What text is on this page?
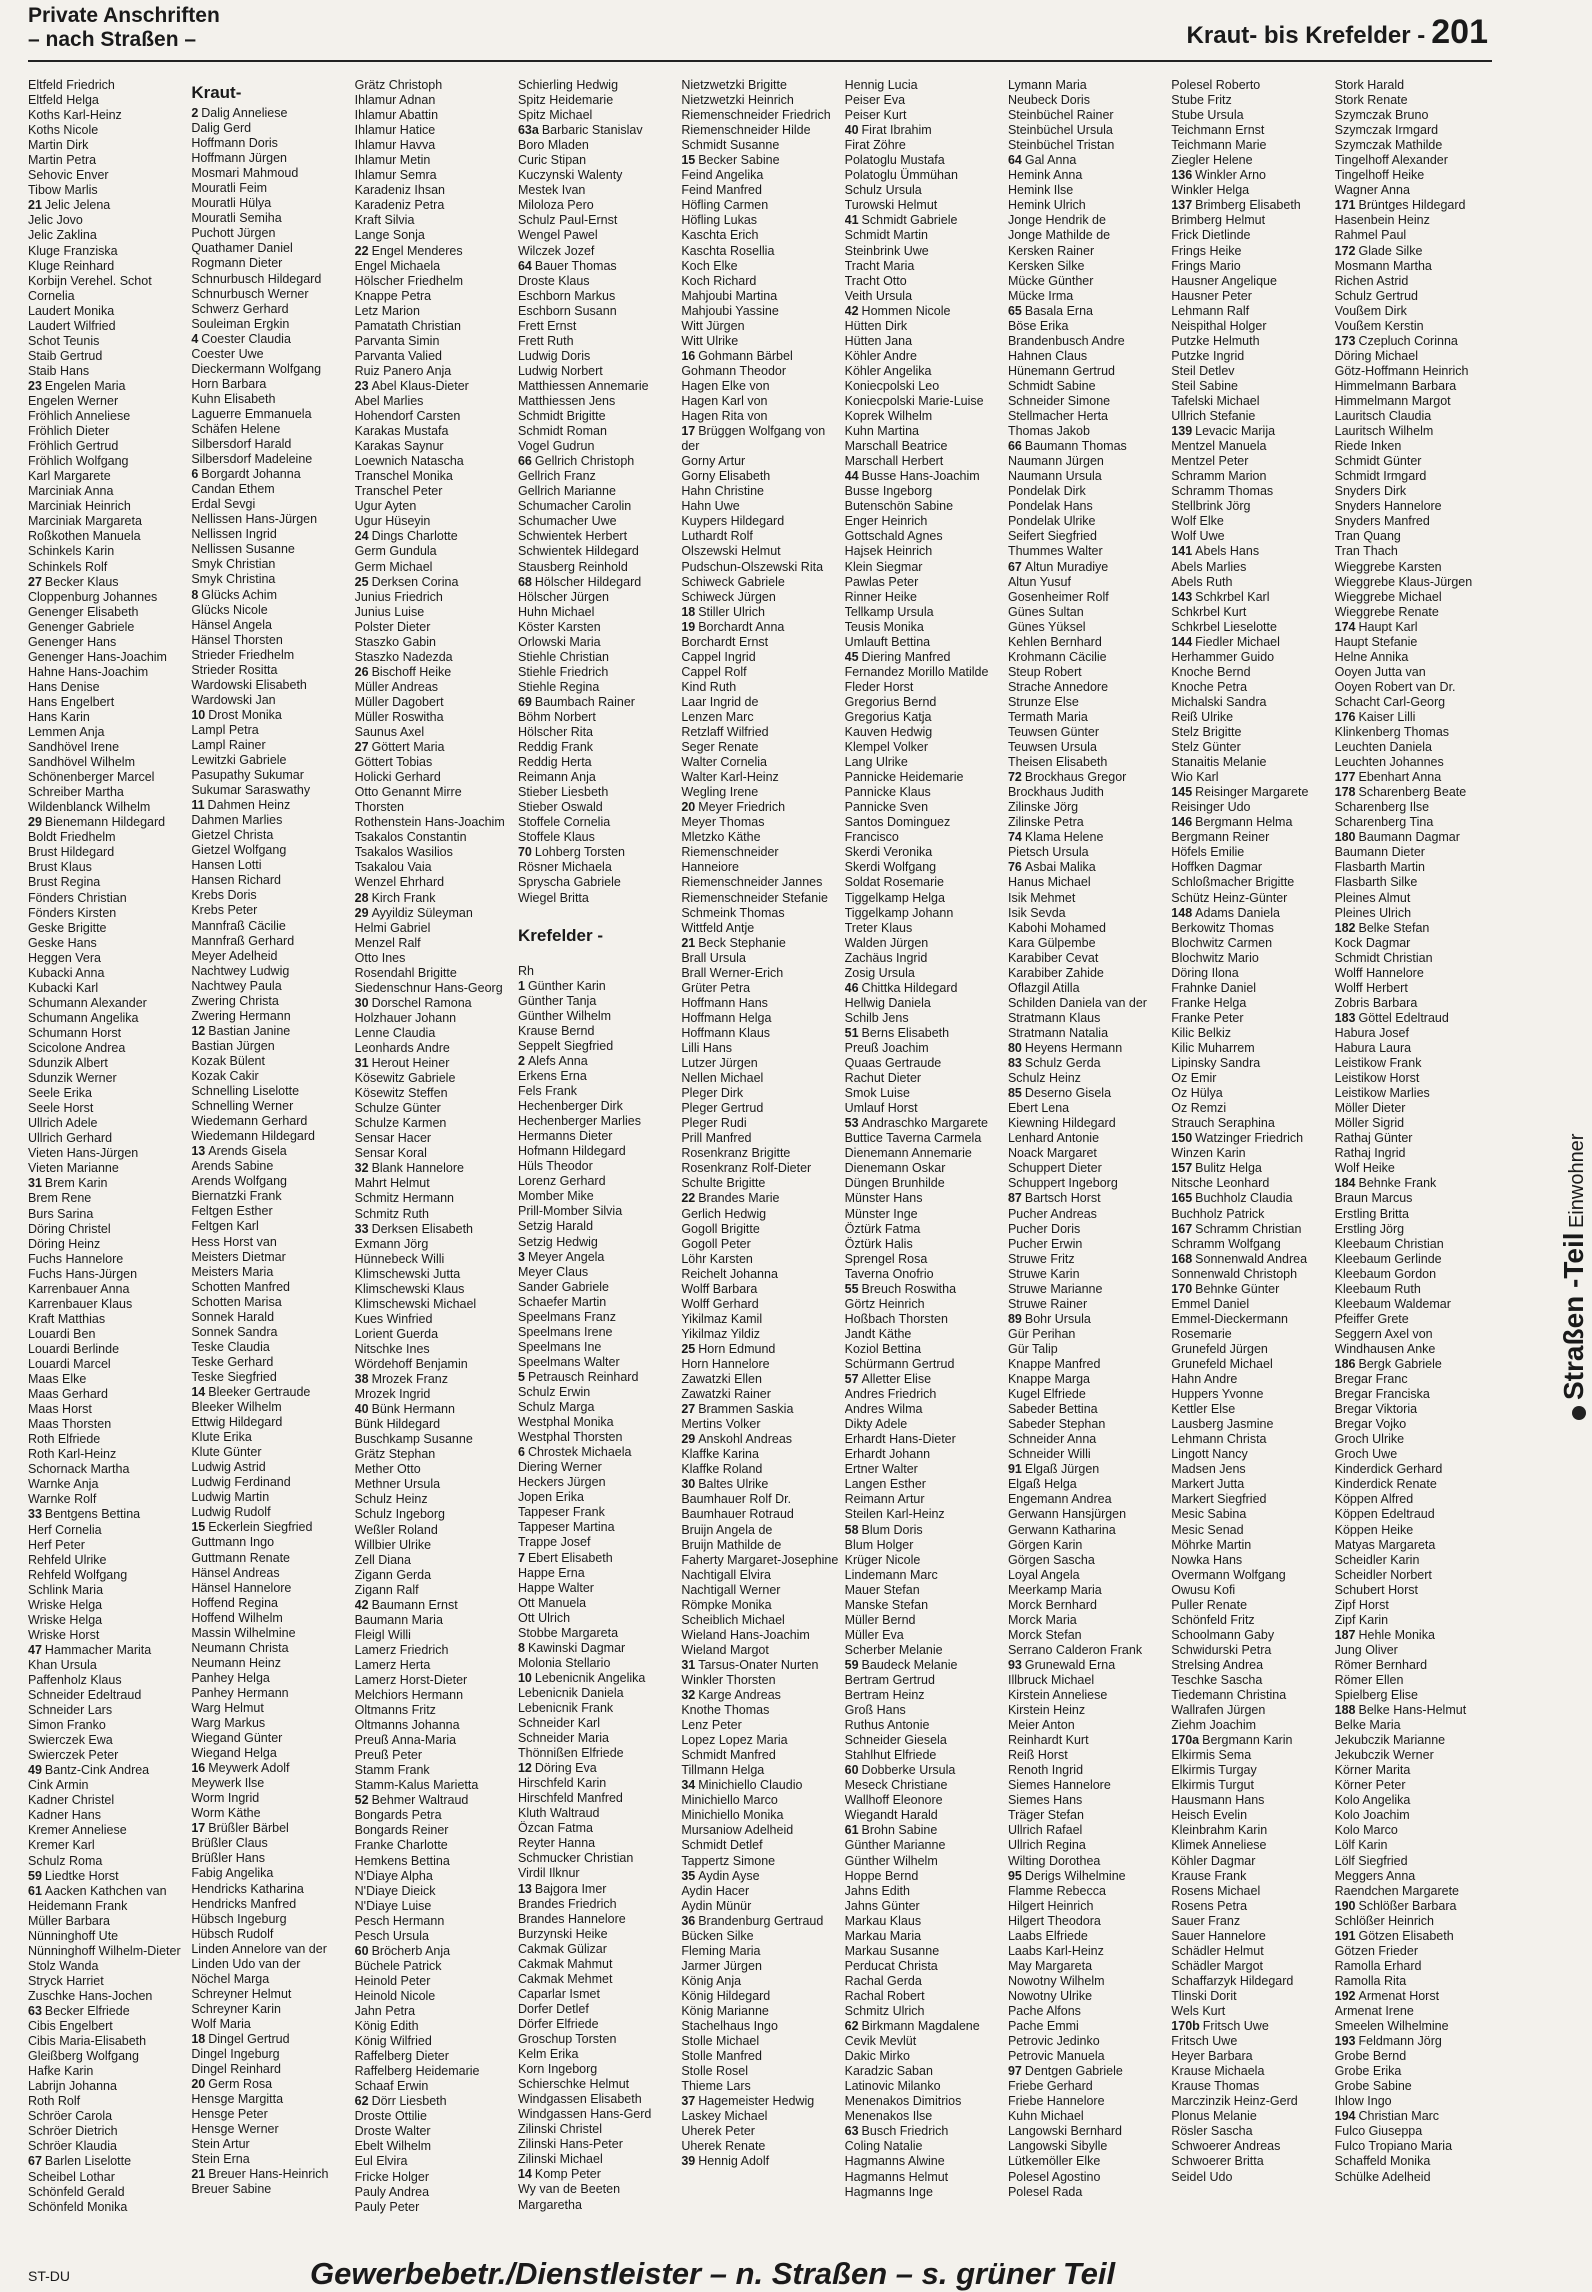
Private Anschriften
– nach Straßen –	Kraut- bis Krefelder - 201
Eltfeld Friedrich
Eltfeld Helga
Koths Karl-Heinz
Koths Nicole
Martin Dirk
Martin Petra
Sehovic Enver
Tibow Marlis
21 Jelic Jelena
Jelic Jovo
Jelic Zaklina
Kluge Franziska
Kluge Reinhard
Korbijn Verehel. Schot
Cornelia
Laudert Monika
Laudert Wilfried
Schot Teunis
Staib Gertrud
Staib Hans
23 Engelen Maria
Engelen Werner
Fröhlich Anneliese
Fröhlich Dieter
Fröhlich Gertrud
Fröhlich Wolfgang
Karl Margarete
Marciniak Anna
Marciniak Heinrich
Marciniak Margareta
Roßkothen Manuela
Schinkels Karin
Schinkels Rolf
27 Becker Klaus
Cloppenburg Johannes
Genenger Elisabeth
Genenger Gabriele
Genenger Hans
Genenger Hans-Joachim
Hahne Hans-Joachim
Hans Denise
Hans Engelbert
Hans Karin
Lemmen Anja
Sandhövel Irene
Sandhövel Wilhelm
Schönenberger Marcel
Schreiber Martha
Wildenblanck Wilhelm
29 Bienemann Hildegard
Boldt Friedhelm
Brust Hildegard
Brust Klaus
Brust Regina
Fönders Christian
Fönders Kirsten
Geske Brigitte
Geske Hans
Heggen Vera
Kubacki Anna
Kubacki Karl
Schumann Alexander
Schumann Angelika
Schumann Horst
Scicolone Andrea
Sdunzik Albert
Sdunzik Werner
Seele Erika
Seele Horst
Ullrich Adele
Ullrich Gerhard
Vieten Hans-Jürgen
Vieten Marianne
31 Brem Karin
Brem Rene
Burs Sarina
Döring Christel
Döring Heinz
Fuchs Hannelore
Fuchs Hans-Jürgen
Karrenbauer Anna
Karrenbauer Klaus
Kraft Matthias
Louardi Ben
Louardi Berlinde
Louardi Marcel
Maas Elke
Maas Gerhard
Maas Horst
Maas Thorsten
Roth Elfriede
Roth Karl-Heinz
Schornack Martha
Warnke Anja
Warnke Rolf
33 Bentgens Bettina
Herf Cornelia
Herf Peter
Rehfeld Ulrike
Rehfeld Wolfgang
Schlink Maria
Wriske Helga
Wriske Helga
Wriske Horst
47 Hammacher Marita
Khan Ursula
Paffenholz Klaus
Schneider Edeltraud
Schneider Lars
Simon Franko
Swierczek Ewa
Swierczek Peter
49 Bantz-Cink Andrea
Cink Armin
Kadner Christel
Kadner Hans
Kremer Anneliese
Kremer Karl
Schulz Roma
59 Liedtke Horst
61 Aacken Kathchen van
Heidemann Frank
Müller Barbara
Nünninghoff Ute
Nünninghoff Wilhelm-Dieter
Stolz Wanda
Stryck Harriet
Zuschke Hans-Jochen
63 Becker Elfriede
Cibis Engelbert
Cibis Maria-Elisabeth
Gleißberg Wolfgang
Hafke Karin
Labrijn Johanna
Roth Rolf
Schröer Carola
Schröer Dietrich
Schröer Klaudia
67 Barlen Liselotte
Scheibel Lothar
Schönfeld Gerald
Schönfeld Monika
Kraut-
2 Dalig Anneliese
Dalig Gerd
Hoffmann Doris
Hoffmann Jürgen
Mosmari Mahmoud
Mouratli Feim
Mouratli Hülya
Mouratli Semiha
Puchott Jürgen
Quathamer Daniel
Rogmann Dieter
Schnurbusch Hildegard
Schnurbusch Werner
Schwerz Gerhard
Souleiman Ergkin
4 Coester Claudia
Coester Uwe
Dieckermann Wolfgang
Horn Barbara
Kuhn Elisabeth
Laguerre Emmanuela
Schäfen Helene
Silbersdorf Harald
Silbersdorf Madeleine
6 Borgardt Johanna
Candan Ethem
Erdal Sevgi
Nellissen Hans-Jürgen
Nellissen Ingrid
Nellissen Susanne
Smyk Christian
Smyk Christina
8 Glücks Achim
Glücks Nicole
Hänsel Angela
Hänsel Thorsten
Strieder Friedhelm
Strieder Rositta
Wardowski Elisabeth
Wardowski Jan
10 Drost Monika
Lampl Petra
Lampl Rainer
Lewitzki Gabriele
Pasupathy Sukumar
Sukumar Saraswathy
11 Dahmen Heinz
Dahmen Marlies
Gietzel Christa
Gietzel Wolfgang
Hansen Lotti
Hansen Richard
Krebs Doris
Krebs Peter
Mannfraß Cäcilie
Mannfraß Gerhard
Meyer Adelheid
Nachtwey Ludwig
Nachtwey Paula
Zwering Christa
Zwering Hermann
12 Bastian Janine
Bastian Jürgen
Kozak Bülent
Kozak Cakir
Schnelling Liselotte
Schnelling Werner
Wiedemann Gerhard
Wiedemann Hildegard
13 Arends Gisela
Arends Sabine
Arends Wolfgang
Biernatzki Frank
Feltgen Esther
Feltgen Karl
Hess Horst van
Meisters Dietmar
Meisters Maria
Schotten Manfred
Schotten Marisa
Sonnek Harald
Sonnek Sandra
Teske Claudia
Teske Gerhard
Teske Siegfried
14 Bleeker Gertraude
Bleeker Wilhelm
Ettwig Hildegard
Klute Erika
Klute Günter
Ludwig Astrid
Ludwig Ferdinand
Ludwig Martin
Ludwig Rudolf
15 Eckerlein Siegfried
Guttmann Ingo
Guttmann Renate
Hänsel Andreas
Hänsel Hannelore
Hoffend Regina
Hoffend Wilhelm
Massin Wilhelmine
Neumann Christa
Neumann Heinz
Panhey Helga
Panhey Hermann
Warg Helmut
Warg Markus
Wiegand Günter
Wiegand Helga
16 Meywerk Adolf
Meywerk Ilse
Worm Ingrid
Worm Käthe
17 Brüßler Bärbel
Brüßler Claus
Brüßler Hans
Fabig Angelika
Hendricks Katharina
Hendricks Manfred
Hübsch Ingeburg
Hübsch Rudolf
Linden Annelore van der
Linden Udo van der
Nöchel Marga
Schreyner Helmut
Schreyner Karin
Wolf Maria
18 Dingel Gertrud
Dingel Ingeburg
Dingel Reinhard
20 Germ Rosa
Hensge Margitta
Hensge Peter
Hensge Werner
Stein Artur
Stein Erna
21 Breuer Hans-Heinrich
Breuer Sabine
Grätz Christoph
Ihlamur Adnan
Ihlamur Abattin
Ihlamur Hatice
Ihlamur Havva
Ihlamur Metin
Ihlamur Semra
Karadeniz Ihsan
Karadeniz Petra
Kraft Silvia
Lange Sonja
22 Engel Menderes
Engel Michaela
Hölscher Friedhelm
Knappe Petra
Letz Marion
Pamatath Christian
Parvanta Simin
Parvanta Valied
Ruiz Panero Anja
23 Abel Klaus-Dieter
Abel Marlies
Hohendorf Carsten
Karakas Mustafa
Karakas Saynur
Loewnich Natascha
Transchel Monika
Transchel Peter
Ugur Ayten
Ugur Hüseyin
24 Dings Charlotte
Germ Gundula
Germ Michael
25 Derksen Corina
Junius Friedrich
Junius Luise
Polster Dieter
Staszko Gabin
Staszko Nadezda
26 Bischoff Heike
Müller Andreas
Müller Dagobert
Müller Roswitha
Saunus Axel
27 Göttert Maria
Göttert Tobias
Holicki Gerhard
Otto Genannt Mirre
Thorsten
Rothenstein Hans-Joachim
Tsakalos Constantin
Tsakalos Wasilios
Tsakalou Vaia
Wenzel Ehrhard
28 Kirch Frank
29 Ayyildiz Süleyman
Helmi Gabriel
Menzel Ralf
Otto Ines
Rosendahl Brigitte
Siedenschnur Hans-Georg
30 Dorschel Ramona
Holzhauer Johann
Lenne Claudia
Leonhards Andre
31 Herout Heiner
Kösewitz Gabriele
Kösewitz Steffen
Schulze Günter
Schulze Karmen
Sensar Hacer
Sensar Koral
32 Blank Hannelore
Mahrt Helmut
Schmitz Hermann
Schmitz Ruth
33 Derksen Elisabeth
Exmann Jörg
Hünnebeck Willi
Klimschewski Jutta
Klimschewski Klaus
Klimschewski Michael
Kues Winfried
Lorient Guerda
Nitschke Ines
Wördehoff Benjamin
38 Mrozek Franz
Mrozek Ingrid
40 Bünk Hermann
Bünk Hildegard
Buschkamp Susanne
Grätz Stephan
Mether Otto
Methner Ursula
Schulz Heinz
Schulz Ingeborg
Weßler Roland
Willbier Ulrike
Zell Diana
Zigann Gerda
Zigann Ralf
42 Baumann Ernst
Baumann Maria
Fleigl Willi
Lamerz Friedrich
Lamerz Herta
Lamerz Horst-Dieter
Melchiors Hermann
Oltmanns Fritz
Oltmanns Johanna
Preuß Anna-Maria
Preuß Peter
Stamm Frank
Stamm-Kalus Marietta
52 Behmer Waltraud
Bongards Petra
Bongards Reiner
Franke Charlotte
Hemkens Bettina
N'Diaye Alpha
N'Diaye Dieick
N'Diaye Luise
Pesch Hermann
Pesch Ursula
60 Bröcherb Anja
Büchele Patrick
Heinold Peter
Heinold Nicole
Jahn Petra
König Edith
König Wilfried
Raffelberg Dieter
Raffelberg Heidemarie
Schaaf Erwin
62 Dörr Liesbeth
Droste Ottilie
Droste Walter
Ebelt Wilhelm
Eul Elvira
Fricke Holger
Pauly Andrea
Pauly Peter
Schierling Hedwig
Spitz Heidemarie
Spitz Michael
63a Barbaric Stanislav
Boro Mladen
Curic Stipan
Kuczynski Walenty
Mestek Ivan
Miloloza Pero
Schulz Paul-Ernst
Wengel Pawel
Wilczek Jozef
64 Bauer Thomas
Droste Klaus
Eschborn Markus
Eschborn Susann
Frett Ernst
Frett Ruth
Ludwig Doris
Ludwig Norbert
Matthiessen Annemarie
Matthiessen Jens
Schmidt Brigitte
Schmidt Roman
Vogel Gudrun
66 Gellrich Christoph
Gellrich Franz
Gellrich Marianne
Schumacher Carolin
Schumacher Uwe
Schwientek Herbert
Schwientek Hildegard
Stausberg Reinhold
68 Hölscher Hildegard
Hölscher Jürgen
Huhn Michael
Köster Karsten
Orlowski Maria
Stiehle Christian
Stiehle Friedrich
Stiehle Regina
69 Baumbach Rainer
Böhm Norbert
Hölscher Rita
Reddig Frank
Reddig Herta
Reimann Anja
Stieber Liesbeth
Stieber Oswald
Stoffele Cornelia
Stoffele Klaus
70 Lohberg Torsten
Rösner Michaela
Spryscha Gabriele
Wiegel Britta

Krefelder -

Rh
1 Günther Karin
Günther Tanja
Günther Wilhelm
Krause Bernd
Seppelt Siegfried
2 Alefs Anna
Erkens Erna
Fels Frank
Hechenberger Dirk
Hechenberger Marlies
Hermanns Dieter
Hofmann Hildegard
Hüls Theodor
Lorenz Gerhard
Momber Mike
Prill-Momber Silvia
Setzig Harald
Setzig Hedwig
3 Meyer Angela
Meyer Claus
Sander Gabriele
Schaefer Martin
Speelmans Franz
Speelmans Irene
Speelmans Ine
Speelmans Walter
5 Petrausch Reinhard
Schulz Erwin
Schulz Marga
Westphal Monika
Westphal Thorsten
6 Chrostek Michaela
Diering Werner
Heckers Jürgen
Jopen Erika
Tappeser Frank
Tappeser Martina
Trappe Josef
7 Ebert Elisabeth
Happe Erna
Happe Walter
Ott Manuela
Ott Ulrich
Stobbe Margareta
8 Kawinski Dagmar
Molonia Stellario
10 Lebenicnik Angelika
Lebenicnik Daniela
Lebenicnik Frank
Schneider Karl
Schneider Maria
Thönnißen Elfriede
12 Döring Eva
Hirschfeld Karin
Hirschfeld Manfred
Kluth Waltraud
Özcan Fatma
Reyter Hanna
Schmucker Christian
Virdil Ilknur
13 Bajgora Imer
Brandes Friedrich
Brandes Hannelore
Burzynski Heike
Cakmak Gülizar
Cakmak Mahmut
Cakmak Mehmet
Caparlar Ismet
Dorfer Detlef
Dörfer Elfriede
Groschup Torsten
Kelm Erika
Korn Ingeborg
Schierschke Helmut
Windgassen Elisabeth
Windgassen Hans-Gerd
Zilinski Christel
Zilinski Hans-Peter
Zilinski Michael
14 Komp Peter
Wy van de Beeten
Margaretha
Nietzwetzki Brigitte
Nietzwetzki Heinrich
Riemenschneider Friedrich
Riemenschneider Hilde
Schmidt Susanne
15 Becker Sabine
Feind Angelika
Feind Manfred
Höfling Carmen
Höfling Lukas
Kaschta Erich
Kaschta Rosellia
Koch Elke
Koch Richard
Mahjoubi Martina
Mahjoubi Yassine
Witt Jürgen
Witt Ulrike
16 Gohmann Bärbel
Gohmann Theodor
Hagen Elke von
Hagen Karl von
Hagen Rita von
17 Brüggen Wolfgang von
der
Gorny Artur
Gorny Elisabeth
Hahn Christine
Hahn Uwe
Kuypers Hildegard
Luthardt Rolf
Olszewski Helmut
Pudschun-Olszewski Rita
Schiweck Gabriele
Schiweck Jürgen
18 Stiller Ulrich
19 Borchardt Anna
Borchardt Ernst
Cappel Ingrid
Cappel Rolf
Kind Ruth
Laar Ingrid de
Lenzen Marc
Retzlaff Wilfried
Seger Renate
Walter Cornelia
Walter Karl-Heinz
Wegling Irene
20 Meyer Friedrich
Meyer Thomas
Mletzko Käthe
Riemenschneider
Hanneiore
Riemenschneider Jannes
Riemenschneider Stefanie
Schmeink Thomas
Wittfeld Antje
21 Beck Stephanie
Brall Ursula
Brall Werner-Erich
Grüter Petra
Hoffmann Hans
Hoffmann Helga
Hoffmann Klaus
Lilli Hans
Lutzer Jürgen
Nellen Michael
Pleger Dirk
Pleger Gertrud
Pleger Rudi
Prill Manfred
Rosenkranz Brigitte
Rosenkranz Rolf-Dieter
Schulte Brigitte
22 Brandes Marie
Gerlich Hedwig
Gogoll Brigitte
Gogoll Peter
Löhr Karsten
Reichelt Johanna
Wolff Barbara
Wolff Gerhard
Yikilmaz Kamil
Yikilmaz Yildiz
25 Horn Edmund
Horn Hannelore
Zawatzki Ellen
Zawatzki Rainer
27 Brammen Saskia
Mertins Volker
29 Anskohl Andreas
Klaffke Karina
Klaffke Roland
30 Baltes Ulrike
Baumhauer Rolf Dr.
Baumhauer Rotraud
Bruijn Angela de
Bruijn Mathilde de
Faherty Margaret-Josephine
Nachtigall Elvira
Nachtigall Werner
Römpke Monika
Scheiblich Michael
Wieland Hans-Joachim
Wieland Margot
31 Tarsus-Onater Nurten
Winkler Thorsten
32 Karge Andreas
Knothe Thomas
Lenz Peter
Lopez Lopez Maria
Schmidt Manfred
Tillmann Helga
34 Minichiello Claudio
Minichiello Marco
Minichiello Monika
Mursaniow Adelheid
Schmidt Detlef
Tappertz Simone
35 Aydin Ayse
Aydin Hacer
Aydin Münür
36 Brandenburg Gertraud
Bücken Silke
Fleming Maria
Jarmer Jürgen
König Anja
König Hildegard
König Marianne
Stachelhaus Ingo
Stolle Michael
Stolle Manfred
Stolle Rosel
Thieme Lars
37 Hagemeister Hedwig
Laskey Michael
Uherek Peter
Uherek Renate
39 Hennig Adolf
Hennig Lucia
Peiser Eva
Peiser Kurt
40 Firat Ibrahim
Firat Zöhre
Polatoglu Mustafa
Polatoglu Ümmühan
Schulz Ursula
Turowski Helmut
41 Schmidt Gabriele
Schmidt Martin
Steinbrink Uwe
Tracht Maria
Tracht Otto
Veith Ursula
42 Hommen Nicole
Hütten Dirk
Hütten Jana
Köhler Andre
Köhler Angelika
Koniecpolski Leo
Koniecpolski Marie-Luise
Koprek Wilhelm
Kuhn Martina
Marschall Beatrice
Marschall Herbert
44 Busse Hans-Joachim
Busse Ingeborg
Butenschön Sabine
Enger Heinrich
Gottschald Agnes
Hajsek Heinrich
Klein Siegmar
Pawlas Peter
Rinner Heike
Tellkamp Ursula
Teusis Monika
Umlauft Bettina
45 Diering Manfred
Fernandez Morillo Matilde
Fleder Horst
Gregorius Bernd
Gregorius Katja
Kauven Hedwig
Klempel Volker
Lang Ulrike
Pannicke Heidemarie
Pannicke Klaus
Pannicke Sven
Santos Dominguez
Francisco
Skerdi Veronika
Skerdi Wolfgang
Soldat Rosemarie
Tiggelkamp Helga
Tiggelkamp Johann
Treter Klaus
Walden Jürgen
Zachäus Ingrid
Zosig Ursula
46 Chittka Hildegard
Hellwig Daniela
Schilb Jens
51 Berns Elisabeth
Preuß Joachim
Quaas Gertraude
Rachut Dieter
Smok Luise
Umlauf Horst
53 Andraschko Margarete
Buttice Taverna Carmela
Dienemann Annemarie
Dienemann Oskar
Düngen Brunhilde
Münster Hans
Münster Inge
Öztürk Fatma
Öztürk Halis
Sprengel Rosa
Taverna Onofrio
55 Breuch Roswitha
Görtz Heinrich
Hoßbach Thorsten
Jandt Käthe
Koziol Bettina
Schürmann Gertrud
57 Alletter Elise
Andres Friedrich
Andres Wilma
Dikty Adele
Erhardt Hans-Dieter
Erhardt Johann
Ertner Walter
Langen Esther
Reimann Artur
Steilen Karl-Heinz
58 Blum Doris
Blum Holger
Krüger Nicole
Lindemann Marc
Mauer Stefan
Manske Stefan
Müller Bernd
Müller Eva
Scherber Melanie
59 Baudeck Melanie
Bertram Gertrud
Bertram Heinz
Groß Hans
Ruthus Antonie
Schneider Giesela
Stahlhut Elfriede
60 Dobberke Ursula
Meseck Christiane
Wallhoff Eleonore
Wiegandt Harald
61 Brohn Sabine
Günther Marianne
Günther Wilhelm
Hoppe Bernd
Jahns Edith
Jahns Günter
Markau Klaus
Markau Maria
Markau Susanne
Perducat Christa
Rachal Gerda
Rachal Robert
Schmitz Ulrich
62 Birkmann Magdalene
Cevik Mevlüt
Dakic Mirko
Karadzic Saban
Latinovic Milanko
Menenakos Dimitrios
Menenakos Ilse
63 Busch Friedrich
Coling Natalie
Hagmanns Alwine
Hagmanns Helmut
Hagmanns Inge
Lymann Maria
Neubeck Doris
Steinbüchel Rainer
Steinbüchel Ursula
Steinbüchel Tristan
64 Gal Anna
Hemink Anna
Hemink Ilse
Hemink Ulrich
Jonge Hendrik de
Jonge Mathilde de
Kersken Rainer
Kersken Silke
Mücke Günther
Mücke Irma
65 Basala Erna
Böse Erika
Brandenbusch Andre
Hahnen Claus
Hünemann Gertrud
Schmidt Sabine
Schneider Simone
Stellmacher Herta
Thomas Jakob
66 Baumann Thomas
Naumann Jürgen
Naumann Ursula
Pondelak Dirk
Pondelak Hans
Pondelak Ulrike
Seifert Siegfried
Thummes Walter
67 Altun Muradiye
Altun Yusuf
Gosenheimer Rolf
Günes Sultan
Günes Yüksel
Kehlen Bernhard
Krohmann Cäcilie
Steup Robert
Strache Annedore
Strunze Else
Termath Maria
Teuwsen Günter
Teuwsen Ursula
Theisen Elisabeth
72 Brockhaus Gregor
Brockhaus Judith
Zilinske Jörg
Zilinske Petra
74 Klama Helene
Pietsch Ursula
76 Asbai Malika
Hanus Michael
Isik Mehmet
Isik Sevda
Kabohi Mohamed
Kara Gülpembe
Karabiber Cevat
Karabiber Zahide
Oflazgil Atilla
Schilden Daniela van der
Stratmann Klaus
Stratmann Natalia
80 Heyens Hermann
83 Schulz Gerda
Schulz Heinz
85 Deserno Gisela
Ebert Lena
Kiewning Hildegard
Lenhard Antonie
Noack Margaret
Schuppert Dieter
Schuppert Ingeborg
87 Bartsch Horst
Pucher Andreas
Pucher Doris
Pucher Erwin
Struwe Fritz
Struwe Karin
Struwe Marianne
Struwe Rainer
89 Bohr Ursula
Gür Perihan
Gür Talip
Knappe Manfred
Knappe Marga
Kugel Elfriede
Sabeder Bettina
Sabeder Stephan
Schneider Anna
Schneider Willi
91 Elgaß Jürgen
Elgaß Helga
Engemann Andrea
Gerwann Hansjürgen
Gerwann Katharina
Görgen Karin
Görgen Sascha
Loyal Angela
Meerkamp Maria
Morck Bernhard
Morck Maria
Morck Stefan
Serrano Calderon Frank
93 Grunewald Erna
Illbruck Michael
Kirstein Anneliese
Kirstein Heinz
Meier Anton
Reinhardt Kurt
Reiß Horst
Renoth Ingrid
Siemes Hannelore
Siemes Hans
Träger Stefan
Ullrich Rafael
Ullrich Regina
Wilting Dorothea
95 Derigs Wilhelmine
Flamme Rebecca
Hilgert Heinrich
Hilgert Theodora
Laabs Elfriede
Laabs Karl-Heinz
May Margareta
Nowotny Wilhelm
Nowotny Ulrike
Pache Alfons
Pache Emmi
Petrovic Jedinko
Petrovic Manuela
97 Dentgen Gabriele
Friebe Gerhard
Friebe Hannelore
Kuhn Michael
Langowski Bernhard
Langowski Sibylle
Lütkemöller Elke
Polesel Agostino
Polesel Rada
Polesel Roberto
Stube Fritz
Stube Ursula
Teichmann Ernst
Teichmann Marie
Ziegler Helene
136 Winkler Arno
Winkler Helga
137 Brimberg Elisabeth
Brimberg Helmut
Frick Dietlinde
Frings Heike
Frings Mario
Hausner Angelique
Hausner Peter
Lehmann Ralf
Neispithal Holger
Putzke Helmuth
Putzke Ingrid
Steil Detlev
Steil Sabine
Tafelski Michael
Ullrich Stefanie
139 Levacic Marija
Mentzel Manuela
Mentzel Peter
Schramm Marion
Schramm Thomas
Stellbrink Jörg
Wolf Elke
Wolf Uwe
141 Abels Hans
Abels Marlies
Abels Ruth
143 Schkrbel Karl
Schkrbel Kurt
Schkrbel Lieselotte
144 Fiedler Michael
Herhammer Guido
Knoche Bernd
Knoche Petra
Michalski Sandra
Reiß Ulrike
Stelz Brigitte
Stelz Günter
Stanaitis Melanie
Wio Karl
145 Reisinger Margarete
Reisinger Udo
146 Bergmann Helma
Bergmann Reiner
Höfels Emilie
Hoffken Dagmar
Schloßmacher Brigitte
Schütz Heinz-Günter
148 Adams Daniela
Berkowitz Thomas
Blochwitz Carmen
Blochwitz Mario
Döring Ilona
Frahnke Daniel
Franke Helga
Franke Peter
Kilic Belkiz
Kilic Muharrem
Lipinsky Sandra
Oz Emir
Oz Hülya
Oz Remzi
Strauch Seraphina
150 Watzinger Friedrich
Winzen Karin
157 Bulitz Helga
Nitsche Leonhard
165 Buchholz Claudia
Buchholz Patrick
167 Schramm Christian
Schramm Wolfgang
168 Sonnenwald Andrea
Sonnenwald Christoph
170 Behnke Günter
Emmel Daniel
Emmel-Dieckermann
Rosemarie
Grunefeld Jürgen
Grunefeld Michael
Hahn Andre
Huppers Yvonne
Kettler Else
Lausberg Jasmine
Lehmann Christa
Lingott Nancy
Madsen Jens
Markert Jutta
Markert Siegfried
Mesic Sabina
Mesic Senad
Möhrke Martin
Nowka Hans
Overmann Wolfgang
Owusu Kofi
Puller Renate
Schönfeld Fritz
Schoolmann Gaby
Schwidurski Petra
Strelsing Andrea
Teschke Sascha
Tiedemann Christina
Wallrafen Jürgen
Ziehm Joachim
170a Bergmann Karin
Elkirmis Sema
Elkirmis Turgay
Elkirmis Turgut
Hausmann Hans
Heisch Evelin
Kleinbrahm Karin
Klimek Anneliese
Köhler Dagmar
Krause Frank
Rosens Michael
Rosens Petra
Sauer Franz
Sauer Hannelore
Schädler Helmut
Schädler Margot
Schaffarzyk Hildegard
Tlinski Dorit
Wels Kurt
170b Fritsch Uwe
Fritsch Uwe
Heyer Barbara
Krause Michaela
Krause Thomas
Marczinzik Heinz-Gerd
Plonus Melanie
Rösler Sascha
Schwoerer Andreas
Schwoerer Britta
Seidel Udo
Stork Harald
Stork Renate
Szymczak Bruno
Szymczak Irmgard
Szymczak Mathilde
Tingelhoff Alexander
Tingelhoff Heike
Wagner Anna
171 Brüntges Hildegard
Hasenbein Heinz
Rahmel Paul
172 Glade Silke
Mosmann Martha
Richen Astrid
Schulz Gertrud
Voußem Dirk
Voußem Kerstin
173 Czepluch Corinna
Döring Michael
Götz-Hoffmann Heinrich
Himmelmann Barbara
Himmelmann Margot
Lauritsch Claudia
Lauritsch Wilhelm
Riede Inken
Schmidt Günter
Schmidt Irmgard
Snyders Dirk
Snyders Hannelore
Snyders Manfred
Tran Quang
Tran Thach
Wieggrebe Karsten
Wieggrebe Klaus-Jürgen
Wieggrebe Michael
Wieggrebe Renate
174 Haupt Karl
Haupt Stefanie
Helne Annika
Ooyen Jutta van
Ooyen Robert van Dr.
Schacht Carl-Georg
176 Kaiser Lilli
Klinkenberg Thomas
Leuchten Daniela
Leuchten Johannes
177 Ebenhart Anna
178 Scharenberg Beate
Scharenberg Ilse
Scharenberg Tina
180 Baumann Dagmar
Baumann Dieter
Flasbarth Martin
Flasbarth Silke
Pleines Almut
Pleines Ulrich
182 Belke Stefan
Kock Dagmar
Schmidt Christian
Wolff Hannelore
Wolff Herbert
Zobris Barbara
183 Göttel Edeltraud
Habura Josef
Habura Laura
Leistikow Frank
Leistikow Horst
Leistikow Marlies
Möller Dieter
Möller Sigrid
Rathaj Günter
Rathaj Ingrid
Wolf Heike
184 Behnke Frank
Braun Marcus
Erstling Britta
Erstling Jörg
Kleebaum Christian
Kleebaum Gerlinde
Kleebaum Gordon
Kleebaum Ruth
Kleebaum Waldemar
Pfeiffer Grete
Seggern Axel von
Windhausen Anke
186 Bergk Gabriele
Bregar Franc
Bregar Franciska
Bregar Viktoria
Bregar Vojko
Groch Ulrike
Groch Uwe
Kinderdick Gerhard
Kinderdick Renate
Köppen Alfred
Köppen Edeltraud
Köppen Heike
Matyas Margareta
Scheidler Karin
Scheidler Norbert
Schubert Horst
Zipf Horst
Zipf Karin
187 Hehle Monika
Jung Oliver
Römer Bernhard
Römer Ellen
Spielberg Elise
188 Belke Hans-Helmut
Belke Maria
Jekubczik Marianne
Jekubczik Werner
Körner Marita
Körner Peter
Kolo Angelika
Kolo Joachim
Kolo Marco
Lölf Karin
Lölf Siegfried
Meggers Anna
Raendchen Margarete
190 Schlößer Barbara
Schlößer Heinrich
191 Götzen Elisabeth
Götzen Frieder
Ramolla Erhard
Ramolla Rita
192 Armenat Horst
Armenat Irene
Smeelen Wilhelmine
193 Feldmann Jörg
Grobe Bernd
Grobe Erika
Grobe Sabine
Ihlow Ingo
194 Christian Marc
Fulco Giuseppa
Fulco Tropiano Maria
Schaffeld Monika
Schülke Adelheid
Straßen -Teil Einwohner
ST-DU	Gewerbebetr./Dienstleister – n. Straßen – s. grüner Teil
